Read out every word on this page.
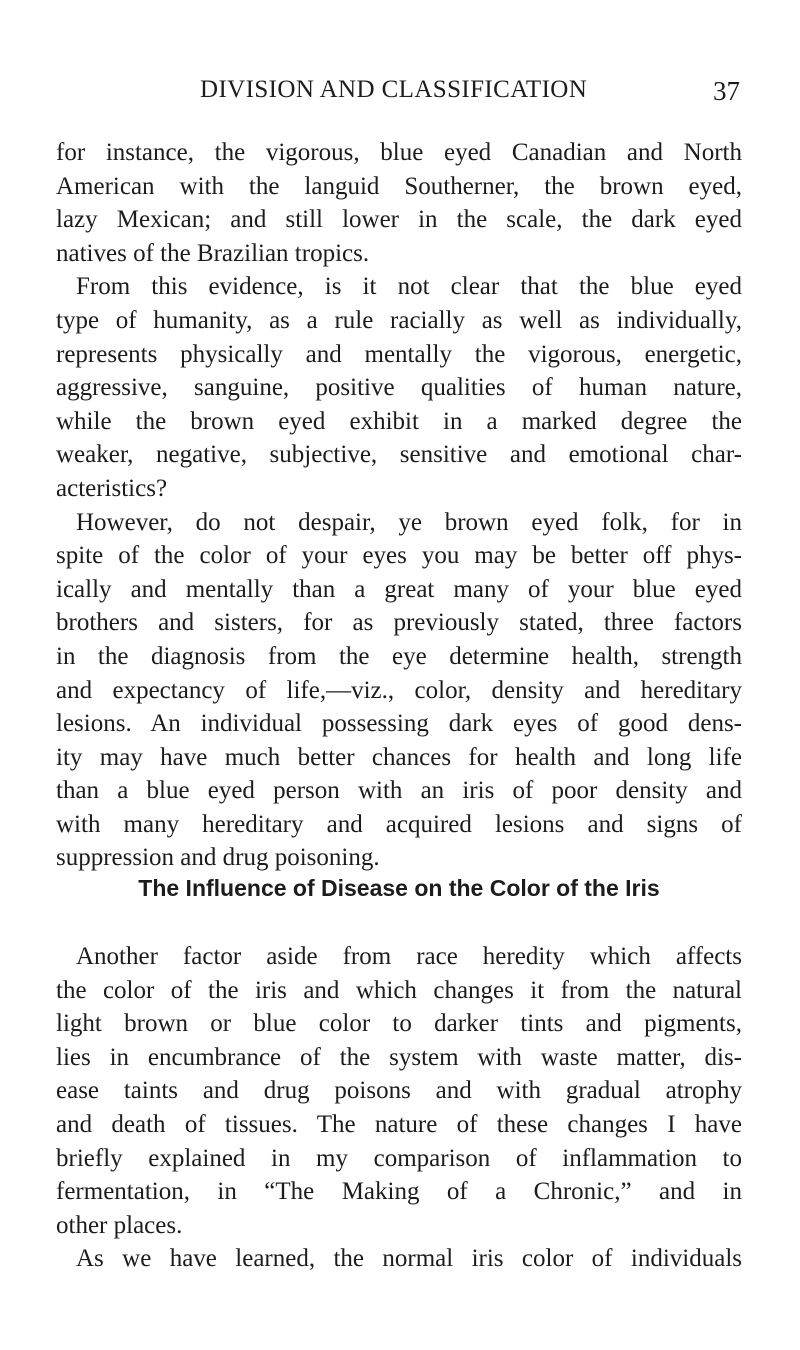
DIVISION AND CLASSIFICATION	37
for instance, the vigorous, blue eyed Canadian and North
American with the languid Southerner, the brown eyed,
lazy Mexican; and still lower in the scale, the dark eyed
natives of the Brazilian tropics.
From this evidence, is it not clear that the blue eyed
type of humanity, as a rule racially as well as individually,
represents physically and mentally the vigorous, energetic,
aggressive, sanguine, positive qualities of human nature,
while the brown eyed exhibit in a marked degree the
weaker, negative, subjective, sensitive and emotional char-
acteristics?
However, do not despair, ye brown eyed folk, for in
spite of the color of your eyes you may be better off phys-
ically and mentally than a great many of your blue eyed
brothers and sisters, for as previously stated, three factors
in the diagnosis from the eye determine health, strength
and expectancy of life,—viz., color, density and hereditary
lesions. An individual possessing dark eyes of good dens-
ity may have much better chances for health and long life
than a blue eyed person with an iris of poor density and
with many hereditary and acquired lesions and signs of
suppression and drug poisoning.
The Influence of Disease on the Color of the Iris
Another factor aside from race heredity which affects
the color of the iris and which changes it from the natural
light brown or blue color to darker tints and pigments,
lies in encumbrance of the system with waste matter, dis-
ease taints and drug poisons and with gradual atrophy
and death of tissues. The nature of these changes I have
briefly explained in my comparison of inflammation to
fermentation, in “The Making of a Chronic,” and in
other places.
As we have learned, the normal iris color of individuals
